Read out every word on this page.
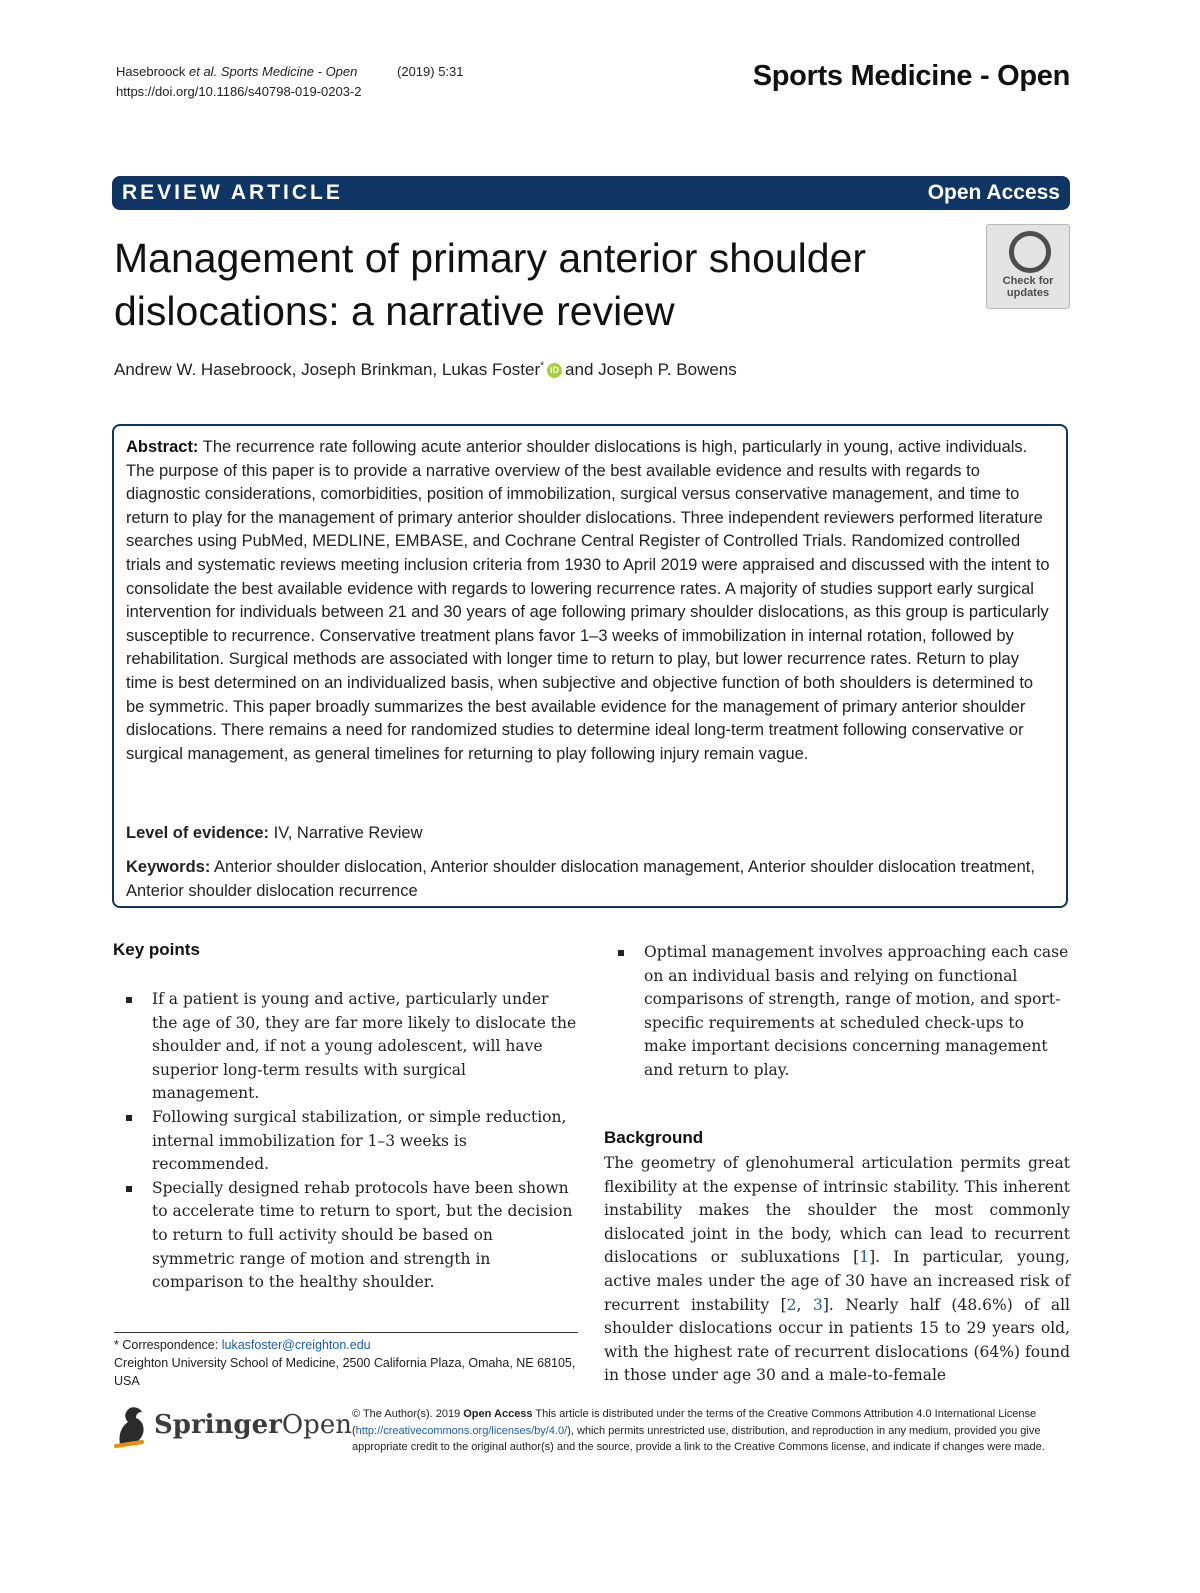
Hasebroock et al. Sports Medicine - Open	(2019) 5:31
https://doi.org/10.1186/s40798-019-0203-2	Sports Medicine - Open
REVIEW ARTICLE	Open Access
Management of primary anterior shoulder dislocations: a narrative review
Check for
updates
Andrew W. Hasebroock, Joseph Brinkman, Lukas Foster* iD and Joseph P. Bowens
Abstract: The recurrence rate following acute anterior shoulder dislocations is high, particularly in young, active individuals. The purpose of this paper is to provide a narrative overview of the best available evidence and results with regards to diagnostic considerations, comorbidities, position of immobilization, surgical versus conservative management, and time to return to play for the management of primary anterior shoulder dislocations. Three independent reviewers performed literature searches using PubMed, MEDLINE, EMBASE, and Cochrane Central Register of Controlled Trials. Randomized controlled trials and systematic reviews meeting inclusion criteria from 1930 to April 2019 were appraised and discussed with the intent to consolidate the best available evidence with regards to lowering recurrence rates. A majority of studies support early surgical intervention for individuals between 21 and 30 years of age following primary shoulder dislocations, as this group is particularly susceptible to recurrence. Conservative treatment plans favor 1–3 weeks of immobilization in internal rotation, followed by rehabilitation. Surgical methods are associated with longer time to return to play, but lower recurrence rates. Return to play time is best determined on an individualized basis, when subjective and objective function of both shoulders is determined to be symmetric. This paper broadly summarizes the best available evidence for the management of primary anterior shoulder dislocations. There remains a need for randomized studies to determine ideal long-term treatment following conservative or surgical management, as general timelines for returning to play following injury remain vague.
Level of evidence: IV, Narrative Review
Keywords: Anterior shoulder dislocation, Anterior shoulder dislocation management, Anterior shoulder dislocation treatment, Anterior shoulder dislocation recurrence
Key points
If a patient is young and active, particularly under the age of 30, they are far more likely to dislocate the shoulder and, if not a young adolescent, will have superior long-term results with surgical management.
Following surgical stabilization, or simple reduction, internal immobilization for 1–3 weeks is recommended.
Specially designed rehab protocols have been shown to accelerate time to return to sport, but the decision to return to full activity should be based on symmetric range of motion and strength in comparison to the healthy shoulder.
Optimal management involves approaching each case on an individual basis and relying on functional comparisons of strength, range of motion, and sport-specific requirements at scheduled check-ups to make important decisions concerning management and return to play.
Background
The geometry of glenohumeral articulation permits great flexibility at the expense of intrinsic stability. This inherent instability makes the shoulder the most commonly dislocated joint in the body, which can lead to recurrent dislocations or subluxations [1]. In particular, young, active males under the age of 30 have an increased risk of recurrent instability [2, 3]. Nearly half (48.6%) of all shoulder dislocations occur in patients 15 to 29 years old, with the highest rate of recurrent dislocations (64%) found in those under age 30 and a male-to-female
* Correspondence: lukasfoster@creighton.edu
Creighton University School of Medicine, 2500 California Plaza, Omaha, NE 68105, USA
SpringerOpen © The Author(s). 2019 Open Access This article is distributed under the terms of the Creative Commons Attribution 4.0 International License (http://creativecommons.org/licenses/by/4.0/), which permits unrestricted use, distribution, and reproduction in any medium, provided you give appropriate credit to the original author(s) and the source, provide a link to the Creative Commons license, and indicate if changes were made.
